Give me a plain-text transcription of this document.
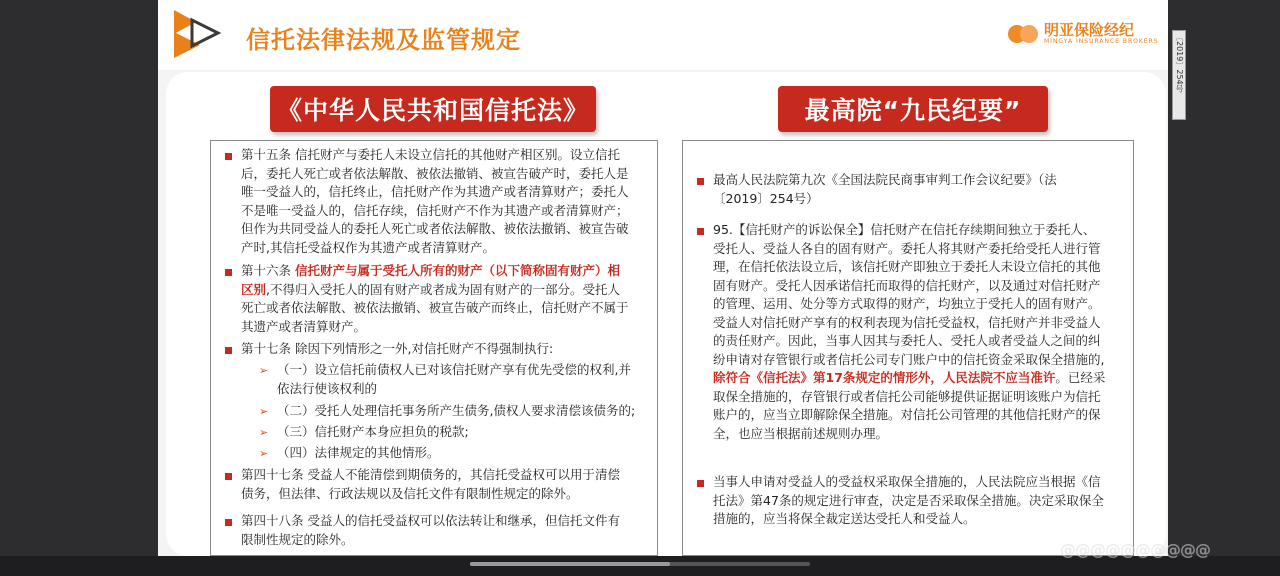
〔2019〕254号
信托法律法规及监管规定	明亚保险经纪
MINGYA INSURANCE BROKERS
《中华人民共和国信托法》	最高院“九民纪要”
第十五条 信托财产与委托人未设立信托的其他财产相区别。设立信托
后，委托人死亡或者依法解散、被依法撤销、被宣告破产时，委托人是
唯一受益人的，信托终止，信托财产作为其遗产或者清算财产；委托人
不是唯一受益人的，信托存续，信托财产不作为其遗产或者清算财产；
但作为共同受益人的委托人死亡或者依法解散、被依法撤销、被宣告破
产时,其信托受益权作为其遗产或者清算财产。
第十六条 信托财产与属于受托人所有的财产（以下简称固有财产）相
区别,不得归入受托人的固有财产或者成为固有财产的一部分。受托人
死亡或者依法解散、被依法撤销、被宣告破产而终止，信托财产不属于
其遗产或者清算财产。
第十七条 除因下列情形之一外,对信托财产不得强制执行:
➢ （一）设立信托前债权人已对该信托财产享有优先受偿的权利,并
依法行使该权利的
➢ （二）受托人处理信托事务所产生债务,债权人要求清偿该债务的;
➢ （三）信托财产本身应担负的税款;
➢ （四）法律规定的其他情形。
第四十七条 受益人不能清偿到期债务的，其信托受益权可以用于清偿
债务，但法律、行政法规以及信托文件有限制性规定的除外。
第四十八条 受益人的信托受益权可以依法转让和继承，但信托文件有
限制性规定的除外。
最高人民法院第九次《全国法院民商事审判工作会议纪要》（法
〔2019〕254号）
95.【信托财产的诉讼保全】信托财产在信托存续期间独立于委托人、
受托人、受益人各自的固有财产。委托人将其财产委托给受托人进行管
理，在信托依法设立后，该信托财产即独立于委托人未设立信托的其他
固有财产。受托人因承诺信托而取得的信托财产，以及通过对信托财产
的管理、运用、处分等方式取得的财产，均独立于受托人的固有财产。
受益人对信托财产享有的权利表现为信托受益权，信托财产并非受益人
的责任财产。因此，当事人因其与委托人、受托人或者受益人之间的纠
纷申请对存管银行或者信托公司专门账户中的信托资金采取保全措施的,
除符合《信托法》第17条规定的情形外，人民法院不应当准许。已经采
取保全措施的，存管银行或者信托公司能够提供证据证明该账户为信托
账户的，应当立即解除保全措施。对信托公司管理的其他信托财产的保
全，也应当根据前述规则办理。
当事人申请对受益人的受益权采取保全措施的，人民法院应当根据《信
托法》第47条的规定进行审查，决定是否采取保全措施。决定采取保全
措施的，应当将保全裁定送达受托人和受益人。
@@@@@@@@@@
